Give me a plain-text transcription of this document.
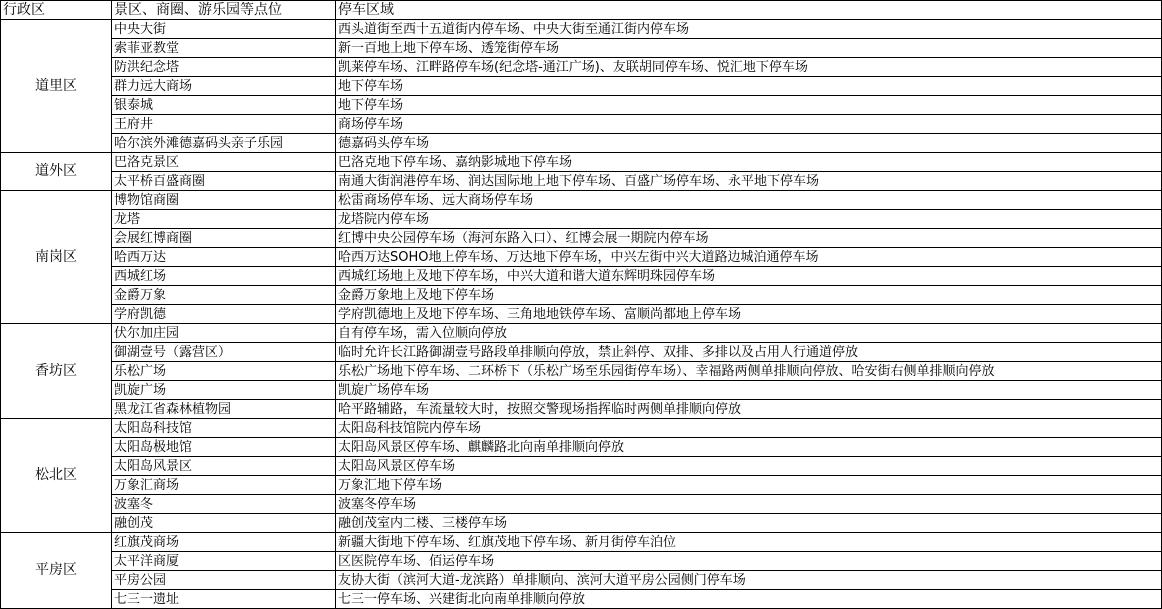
行政区	景区、商圈、游乐园等点位	停车区域
道里区	中央大街	西头道街至西十五道街内停车场、中央大街至通江街内停车场
	索菲亚教堂	新一百地上地下停车场、透笼街停车场
	防洪纪念塔	凯莱停车场、江畔路停车场(纪念塔-通江广场)、友联胡同停车场、悦汇地下停车场
	群力远大商场	地下停车场
	银泰城	地下停车场
	王府井	商场停车场
	哈尔滨外滩德嘉码头亲子乐园	德嘉码头停车场
道外区	巴洛克景区	巴洛克地下停车场、嘉纳影城地下停车场
	太平桥百盛商圈	南通大街润港停车场、润达国际地上地下停车场、百盛广场停车场、永平地下停车场
南岗区	博物馆商圈	松雷商场停车场、远大商场停车场
	龙塔	龙塔院内停车场
	会展红博商圈	红博中央公园停车场（海河东路入口）、红博会展一期院内停车场
	哈西万达	哈西万达SOHO地上停车场、万达地下停车场，中兴左街中兴大道路边城泊通停车场
	西城红场	西城红场地上及地下停车场，中兴大道和谐大道东辉明珠园停车场
	金爵万象	金爵万象地上及地下停车场
	学府凯德	学府凯德地上及地下停车场、三角地地铁停车场、富顺尚都地上停车场
香坊区	伏尔加庄园	自有停车场，需入位顺向停放
	御湖壹号（露营区）	临时允许长江路御湖壹号路段单排顺向停放，禁止斜停、双排、多排以及占用人行通道停放
	乐松广场	乐松广场地下停车场、二环桥下（乐松广场至乐园街停车场）、幸福路两侧单排顺向停放、哈安街右侧单排顺向停放
	凯旋广场	凯旋广场停车场
	黑龙江省森林植物园	哈平路辅路，车流量较大时，按照交警现场指挥临时两侧单排顺向停放
松北区	太阳岛科技馆	太阳岛科技馆院内停车场
	太阳岛极地馆	太阳岛风景区停车场、麒麟路北向南单排顺向停放
	太阳岛风景区	太阳岛风景区停车场
	万象汇商场	万象汇地下停车场
	波塞冬	波塞冬停车场
	融创茂	融创茂室内二楼、三楼停车场
平房区	红旗茂商场	新疆大街地下停车场、红旗茂地下停车场、新月街停车泊位
	太平洋商厦	区医院停车场、佰运停车场
	平房公园	友协大街（滨河大道-龙滨路）单排顺向、滨河大道平房公园侧门停车场
	七三一遗址	七三一停车场、兴建街北向南单排顺向停放
